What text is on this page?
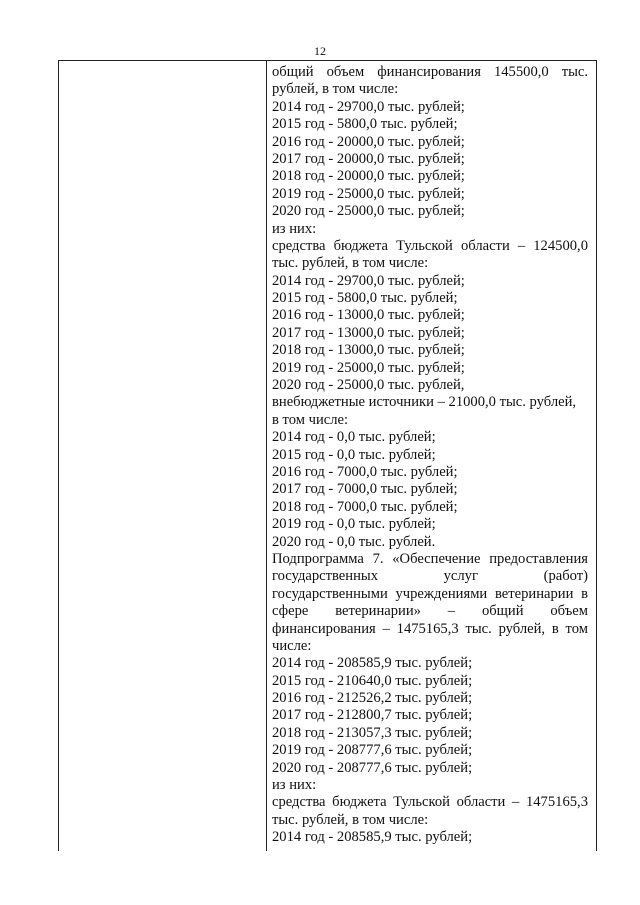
12
общий объем финансирования 145500,0 тыс.
рублей, в том числе:
2014 год - 29700,0 тыс. рублей;
2015 год - 5800,0 тыс. рублей;
2016 год - 20000,0 тыс. рублей;
2017 год - 20000,0 тыс. рублей;
2018 год - 20000,0 тыс. рублей;
2019 год - 25000,0 тыс. рублей;
2020 год - 25000,0 тыс. рублей;
из них:
средства бюджета Тульской области – 124500,0
тыс. рублей, в том числе:
2014 год - 29700,0 тыс. рублей;
2015 год - 5800,0 тыс. рублей;
2016 год - 13000,0 тыс. рублей;
2017 год - 13000,0 тыс. рублей;
2018 год - 13000,0 тыс. рублей;
2019 год - 25000,0 тыс. рублей;
2020 год - 25000,0 тыс. рублей,
внебюджетные источники – 21000,0 тыс. рублей,
в том числе:
2014 год - 0,0 тыс. рублей;
2015 год - 0,0 тыс. рублей;
2016 год - 7000,0 тыс. рублей;
2017 год - 7000,0 тыс. рублей;
2018 год - 7000,0 тыс. рублей;
2019 год - 0,0 тыс. рублей;
2020 год - 0,0 тыс. рублей.
Подпрограмма 7. «Обеспечение предоставления
государственных услуг (работ)
государственными учреждениями ветеринарии в
сфере ветеринарии» – общий объем
финансирования – 1475165,3 тыс. рублей, в том
числе:
2014 год - 208585,9 тыс. рублей;
2015 год - 210640,0 тыс. рублей;
2016 год - 212526,2 тыс. рублей;
2017 год - 212800,7 тыс. рублей;
2018 год - 213057,3 тыс. рублей;
2019 год - 208777,6 тыс. рублей;
2020 год - 208777,6 тыс. рублей;
из них:
средства бюджета Тульской области – 1475165,3
тыс. рублей, в том числе:
2014 год - 208585,9 тыс. рублей;
